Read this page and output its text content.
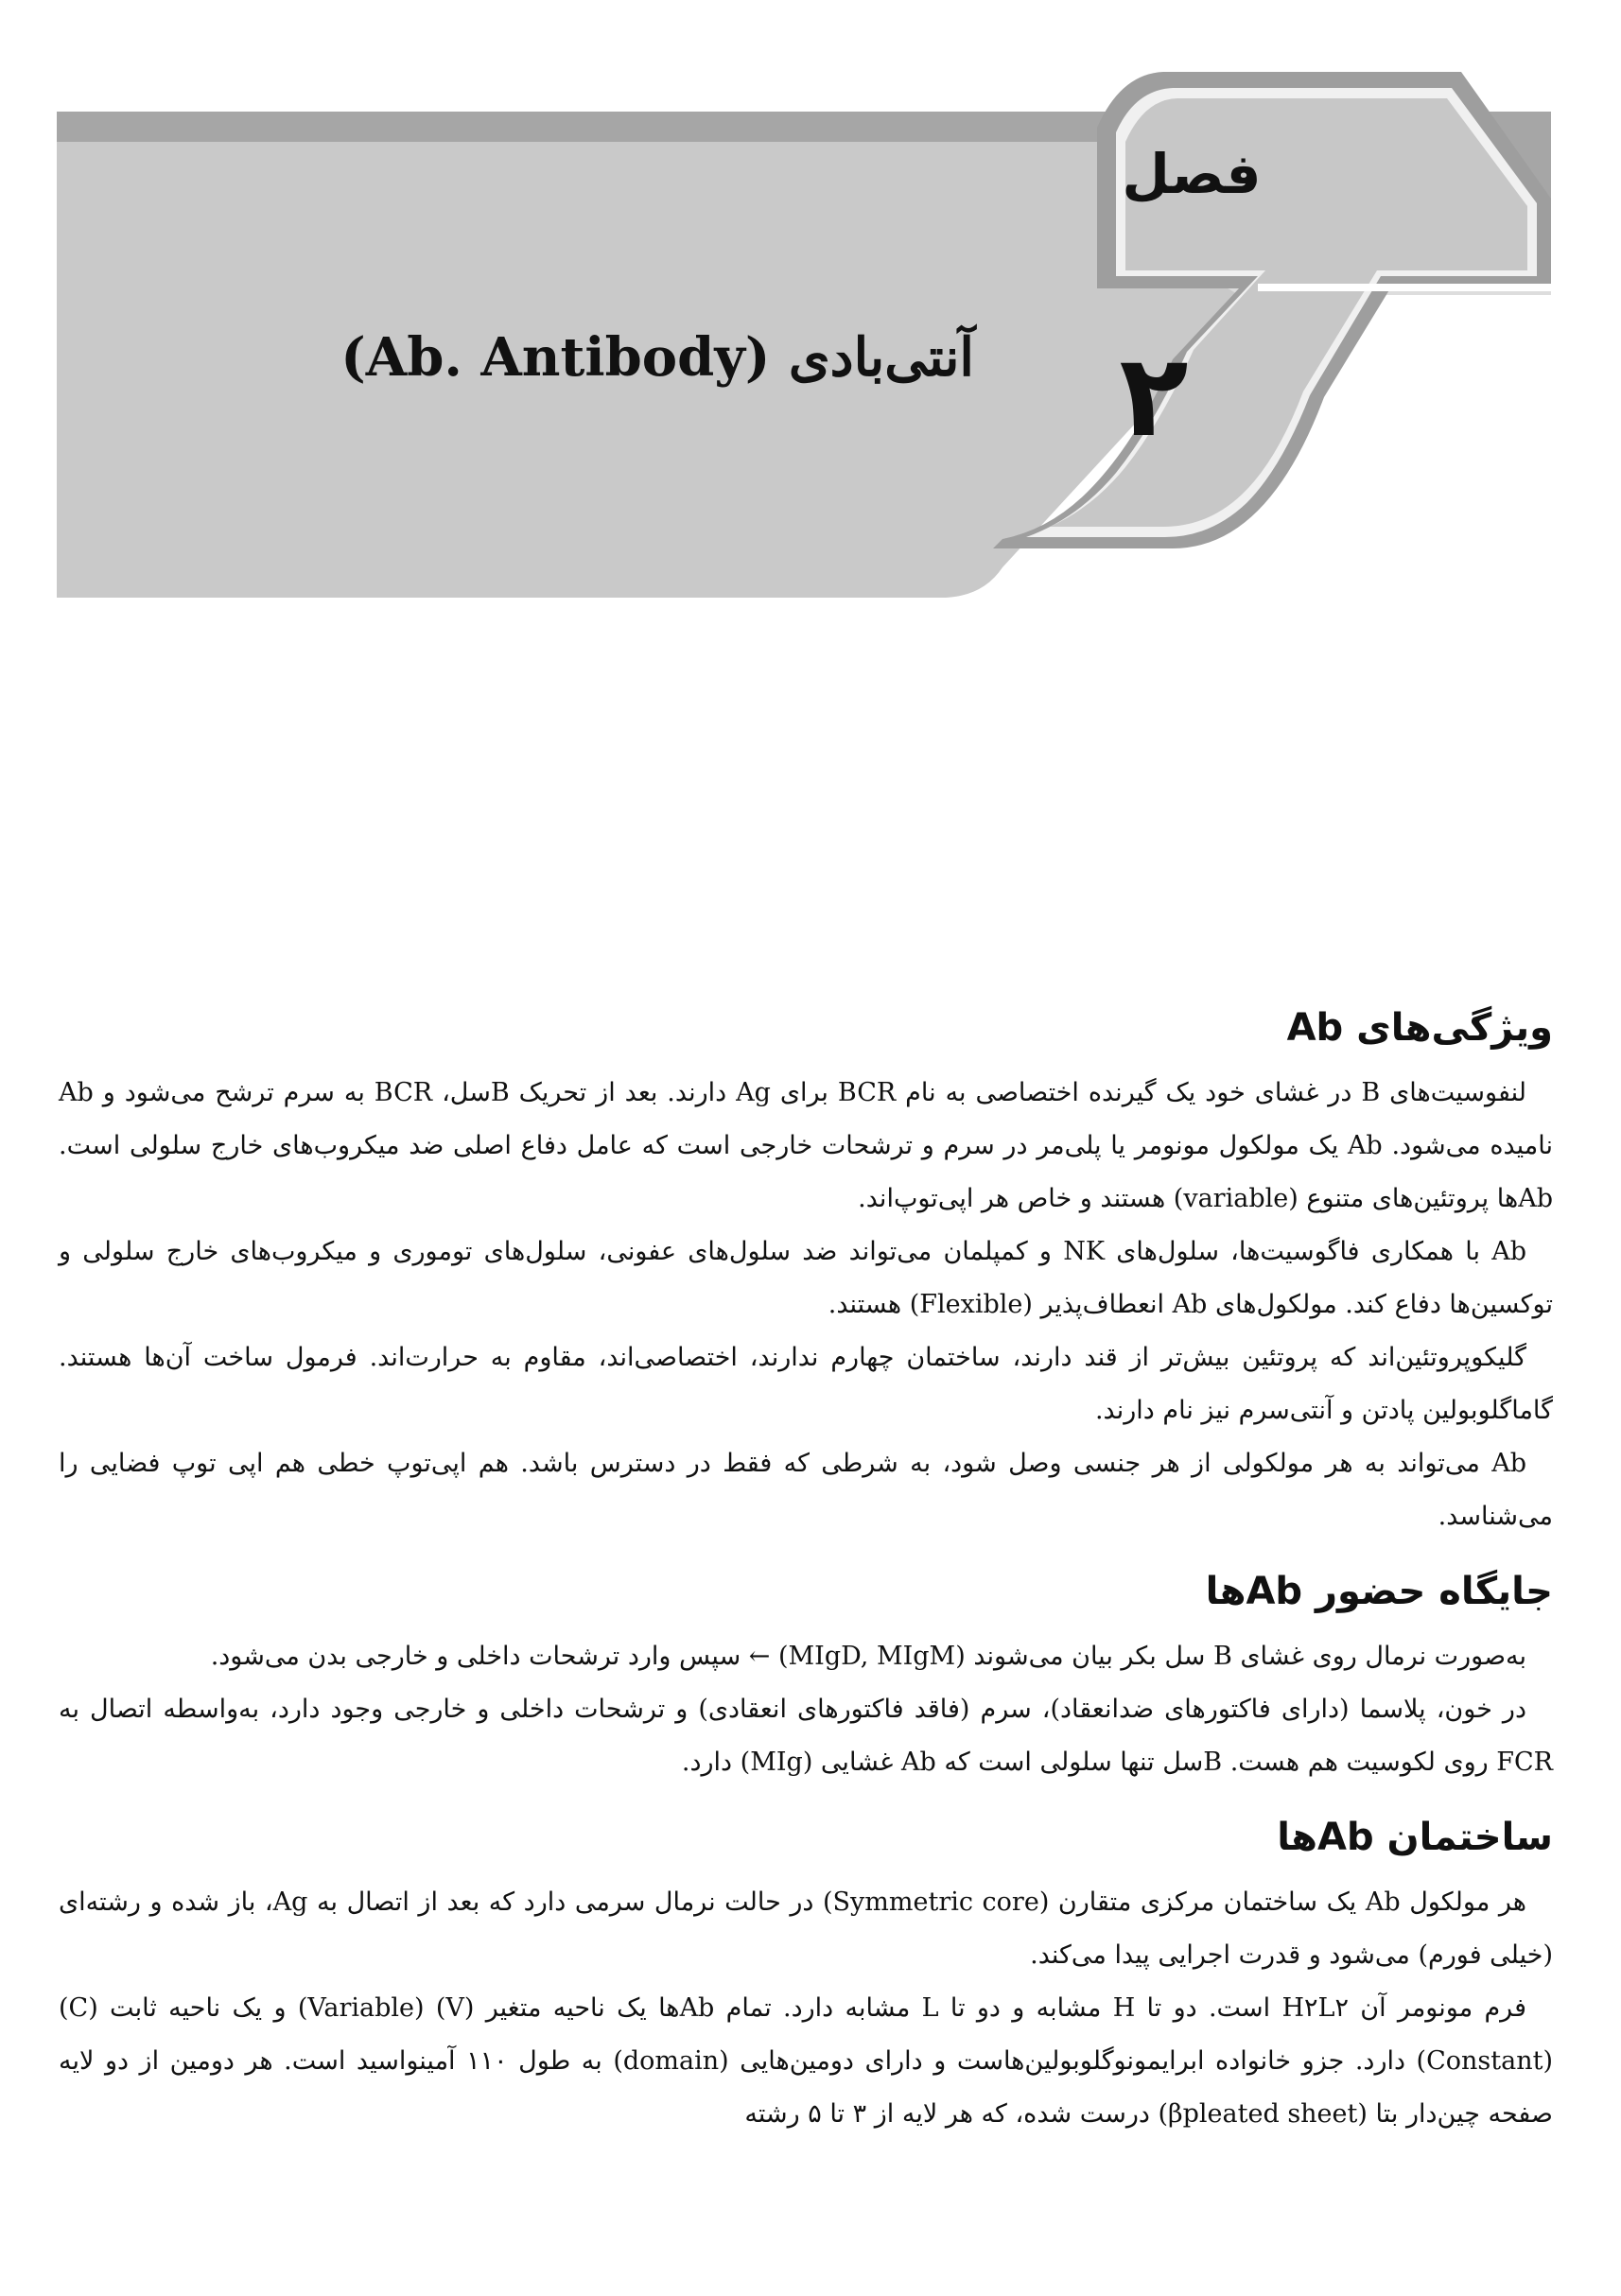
فصل
۲
آنتی‌بادی (Ab. Antibody)
ویژگی‌های Ab

لنفوسیت‌های B در غشای خود یک گیرنده اختصاصی به نام BCR برای Ag دارند. بعد از تحریک Bسل، BCR به سرم ترشح می‌شود و Ab نامیده می‌شود. Ab یک مولکول مونومر یا پلی‌مر در سرم و ترشحات خارجی است که عامل دفاع اصلی ضد میکروب‌های خارج سلولی است. Abها پروتئین‌های متنوع (variable) هستند و خاص هر اپی‌توپ‌اند.

Ab با همکاری فاگوسیت‌ها، سلول‌های NK و کمپلمان می‌تواند ضد سلول‌های عفونی، سلول‌های توموری و میکروب‌های خارج سلولی و توکسین‌ها دفاع کند. مولکول‌های Ab انعطاف‌پذیر (Flexible) هستند.

گلیکوپروتئین‌اند که پروتئین بیش‌تر از قند دارند، ساختمان چهارم ندارند، اختصاصی‌اند، مقاوم به حرارت‌اند. فرمول ساخت آن‌ها هستند. گاماگلوبولین پادتن و آنتی‌سرم نیز نام دارند.

Ab می‌تواند به هر مولکولی از هر جنسی وصل شود، به شرطی که فقط در دسترس باشد. هم اپی‌توپ خطی هم اپی توپ فضایی را می‌شناسد.

جایگاه حضور Abها

به‌صورت نرمال روی غشای B سل بکر بیان می‌شوند (MIgD, MIgM) ← سپس وارد ترشحات داخلی و خارجی بدن می‌شود.

در خون، پلاسما (دارای فاکتورهای ضدانعقاد)، سرم (فاقد فاکتورهای انعقادی) و ترشحات داخلی و خارجی وجود دارد، به‌واسطه اتصال به FCR روی لکوسیت هم هست. Bسل تنها سلولی است که Ab غشایی (MIg) دارد.

ساختمان Abها

هر مولکول Ab یک ساختمان مرکزی متقارن (Symmetric core) در حالت نرمال سرمی دارد که بعد از اتصال به Ag، باز شده و رشته‌ای (خیلی فورم) می‌شود و قدرت اجرایی پیدا می‌کند.

فرم مونومر آن H۲L۲ است. دو تا H مشابه و دو تا L مشابه دارد. تمام Abها یک ناحیه متغیر (V) (Variable) و یک ناحیه ثابت (C) (Constant) دارد. جزو خانواده ابرایمونوگلوبولین‌هاست و دارای دومین‌هایی (domain) به طول ۱۱۰ آمینواسید است. هر دومین از دو لایه صفحه چین‌دار بتا (βpleated sheet) درست شده، که هر لایه از ۳ تا ۵ رشته
